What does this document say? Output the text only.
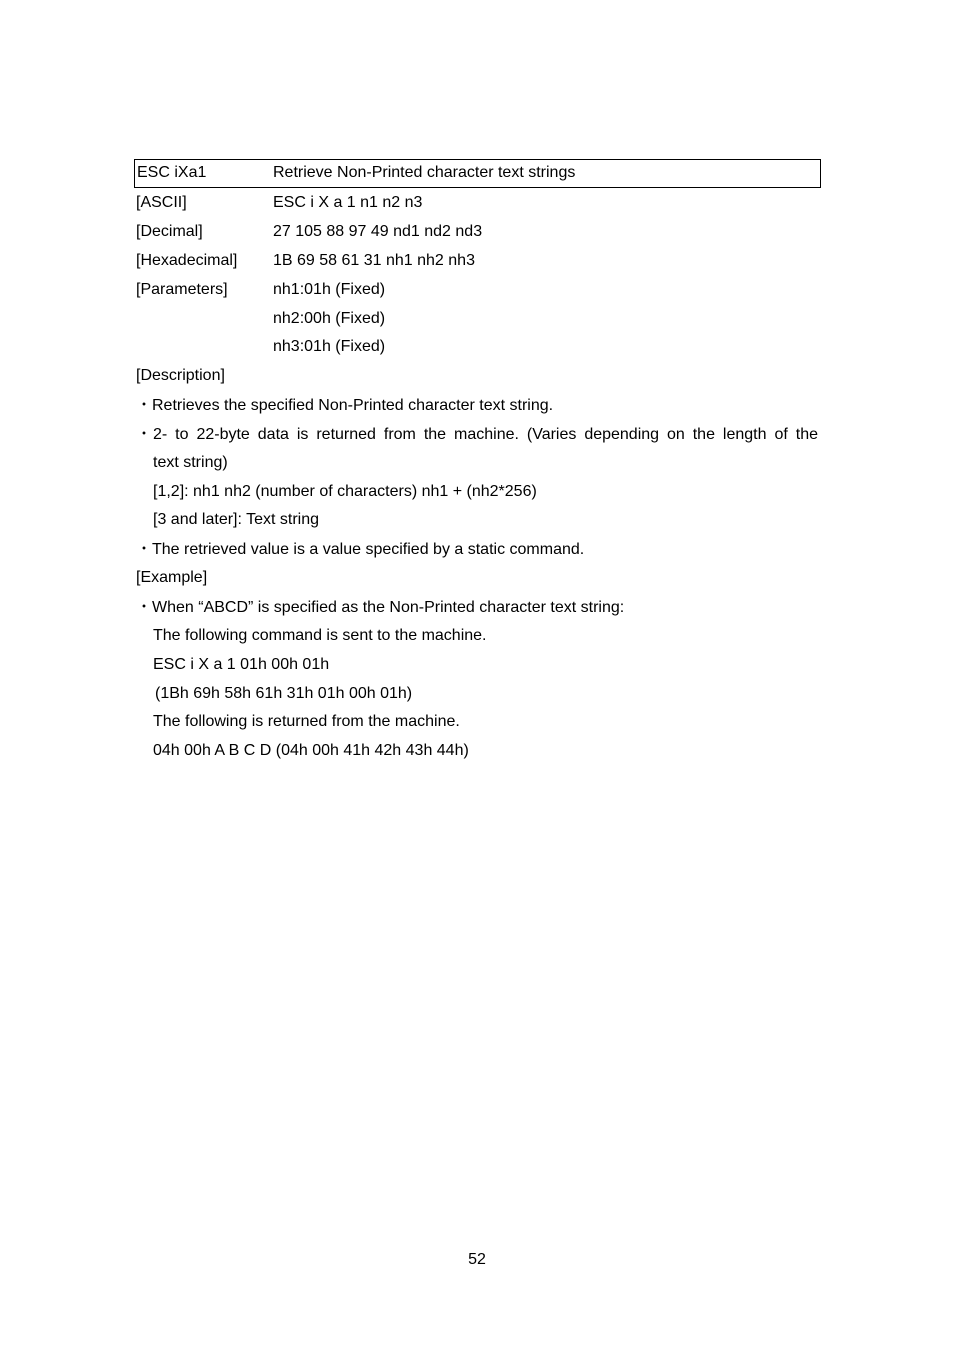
ESC iXa1	Retrieve Non-Printed character text strings
[ASCII]	ESC i X a 1 n1 n2 n3
[Decimal]	27 105 88 97 49 nd1 nd2 nd3
[Hexadecimal] 1B 69 58 61 31 nh1 nh2 nh3
[Parameters]	nh1:01h (Fixed)
nh2:00h (Fixed)
nh3:01h (Fixed)
[Description]
・Retrieves the specified Non-Printed character text string.
・ 2- to 22-byte data is returned from the machine. (Varies depending on the length of the
text string)
[1,2]: nh1 nh2 (number of characters) nh1 + (nh2*256)
[3 and later]: Text string
・The retrieved value is a value specified by a static command.
[Example]
・When “ABCD” is specified as the Non-Printed character text string:
The following command is sent to the machine.
ESC i X a 1 01h 00h 01h
(1Bh 69h 58h 61h 31h 01h 00h 01h)
The following is returned from the machine.
04h 00h A B C D (04h 00h 41h 42h 43h 44h)
52
